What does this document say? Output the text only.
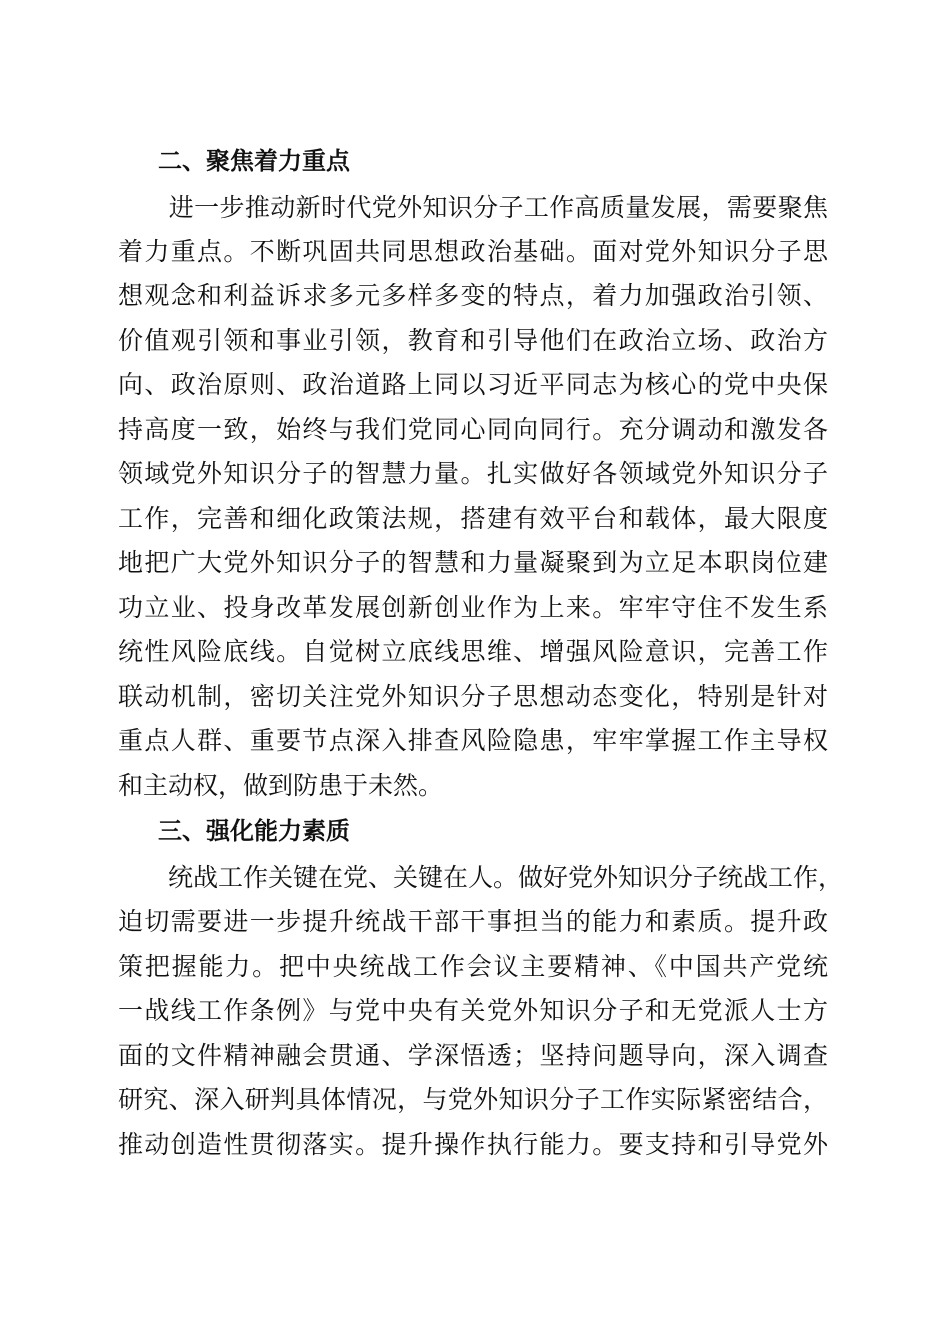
二、聚焦着力重点
　　进一步推动新时代党外知识分子工作高质量发展，需要聚焦
着力重点。不断巩固共同思想政治基础。面对党外知识分子思
想观念和利益诉求多元多样多变的特点，着力加强政治引领、
价值观引领和事业引领，教育和引导他们在政治立场、政治方
向、政治原则、政治道路上同以习近平同志为核心的党中央保
持高度一致，始终与我们党同心同向同行。充分调动和激发各
领域党外知识分子的智慧力量。扎实做好各领域党外知识分子
工作，完善和细化政策法规，搭建有效平台和载体，最大限度
地把广大党外知识分子的智慧和力量凝聚到为立足本职岗位建
功立业、投身改革发展创新创业作为上来。牢牢守住不发生系
统性风险底线。自觉树立底线思维、增强风险意识，完善工作
联动机制，密切关注党外知识分子思想动态变化，特别是针对
重点人群、重要节点深入排查风险隐患，牢牢掌握工作主导权
和主动权，做到防患于未然。
三、强化能力素质
　　统战工作关键在党、关键在人。做好党外知识分子统战工作，
迫切需要进一步提升统战干部干事担当的能力和素质。提升政
策把握能力。把中央统战工作会议主要精神、《中国共产党统
一战线工作条例》与党中央有关党外知识分子和无党派人士方
面的文件精神融会贯通、学深悟透；坚持问题导向，深入调查
研究、深入研判具体情况，与党外知识分子工作实际紧密结合，
推动创造性贯彻落实。提升操作执行能力。要支持和引导党外
